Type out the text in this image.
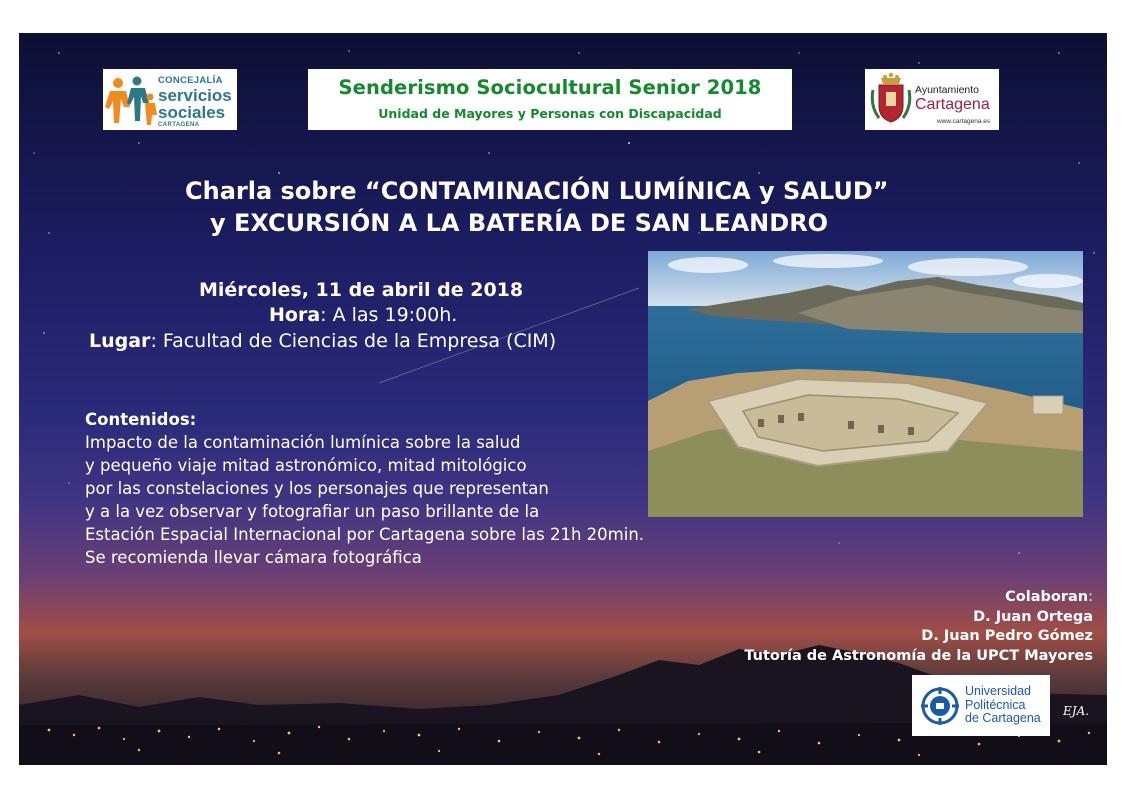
CONCEJALÍA
servicios
sociales
CARTAGENA
Senderismo Sociocultural Senior 2018
Unidad de Mayores y Personas con Discapacidad
Ayuntamiento
Cartagena
www.cartagena.es
Charla sobre “CONTAMINACIÓN LUMÍNICA y SALUD”
y EXCURSIÓN A LA BATERÍA DE SAN LEANDRO
Miércoles, 11 de abril de 2018
Hora: A las 19:00h.
Lugar: Facultad de Ciencias de la Empresa (CIM)
Contenidos:
Impacto de la contaminación lumínica sobre la salud
y pequeño viaje mitad astronómico, mitad mitológico
por las constelaciones y los personajes que representan
y a la vez observar y fotografiar un paso brillante de la
Estación Espacial Internacional por Cartagena sobre las 21h 20min.
Se recomienda llevar cámara fotográfica
Colaboran:
D. Juan Ortega
D. Juan Pedro Gómez
Tutoría de Astronomía de la UPCT Mayores
Universidad
Politécnica
de Cartagena EJA.
